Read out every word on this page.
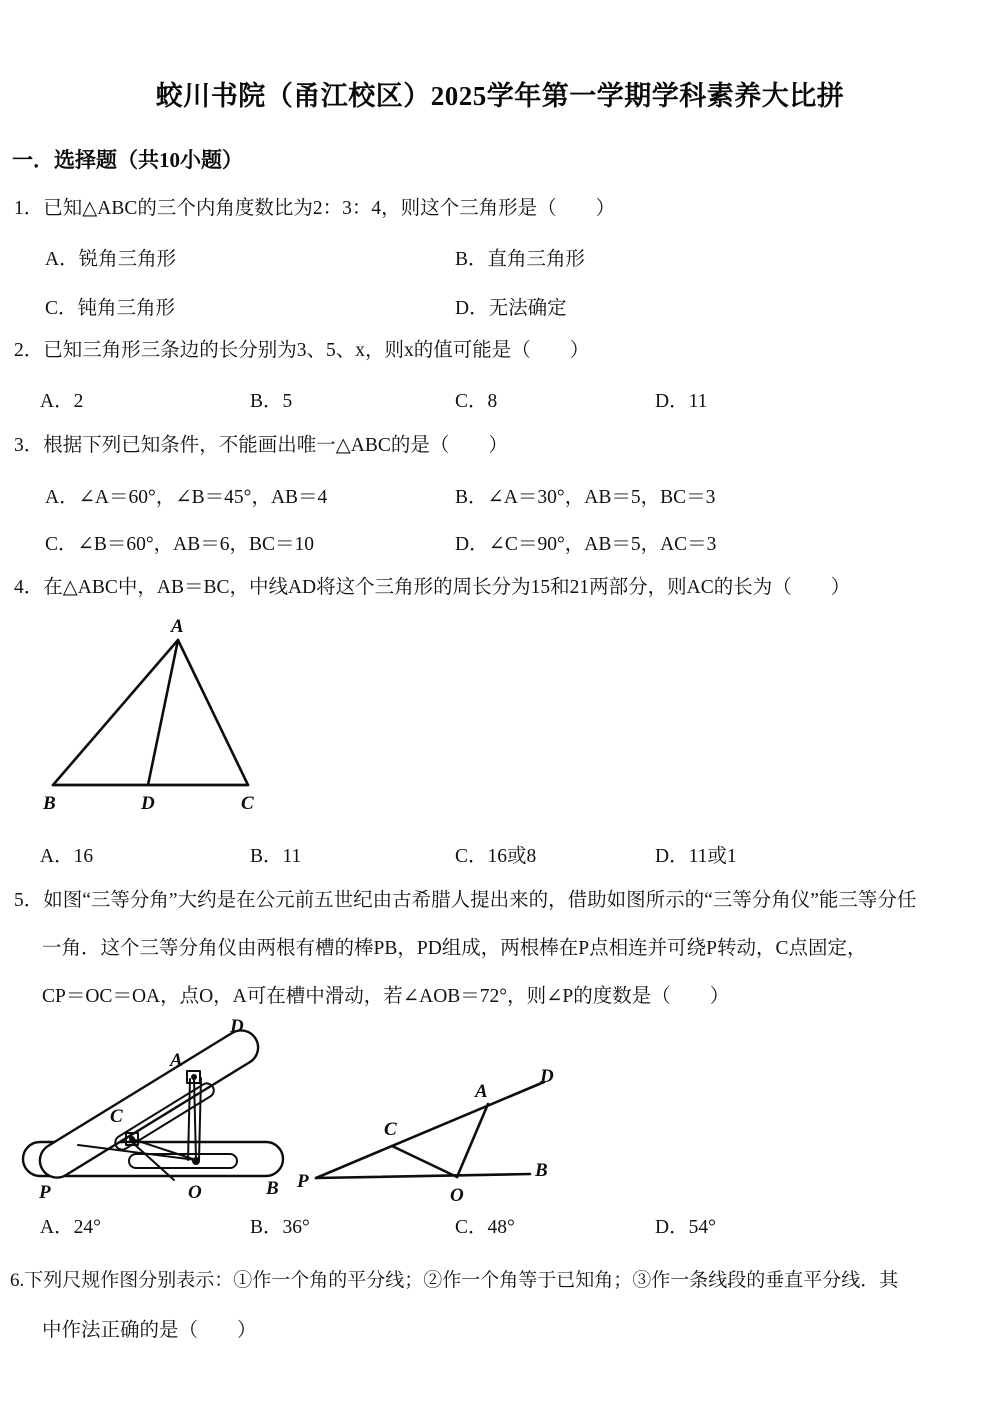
蛟川书院（甬江校区）2025学年第一学期学科素养大比拼
一．选择题（共10小题）
1．已知△ABC的三个内角度数比为2：3：4，则这个三角形是（　　）
A．锐角三角形	B．直角三角形
C．钝角三角形	D．无法确定
2．已知三角形三条边的长分别为3、5、x，则x的值可能是（　　）
A．2	B．5	C．8	D．11
3．根据下列已知条件，不能画出唯一△ABC的是（　　）
A．∠A＝60°，∠B＝45°，AB＝4	B．∠A＝30°，AB＝5，BC＝3
C．∠B＝60°，AB＝6，BC＝10	D．∠C＝90°，AB＝5，AC＝3
4．在△ABC中，AB＝BC，中线AD将这个三角形的周长分为15和21两部分，则AC的长为（　　）
A
B	D	C
A．16	B．11	C．16或8	D．11或1
5．如图“三等分角”大约是在公元前五世纪由古希腊人提出来的，借助如图所示的“三等分角仪”能三等分任
一角．这个三等分角仪由两根有槽的棒PB，PD组成，两根棒在P点相连并可绕P转动，C点固定，
CP＝OC＝OA，点O，A可在槽中滑动，若∠AOB＝72°，则∠P的度数是（　　）
D
A
C
P	O	B P
C
A
D
O
B
A．24°	B．36°	C．48°	D．54°
6.下列尺规作图分别表示：①作一个角的平分线；②作一个角等于已知角；③作一条线段的垂直平分线．其
中作法正确的是（　　）
